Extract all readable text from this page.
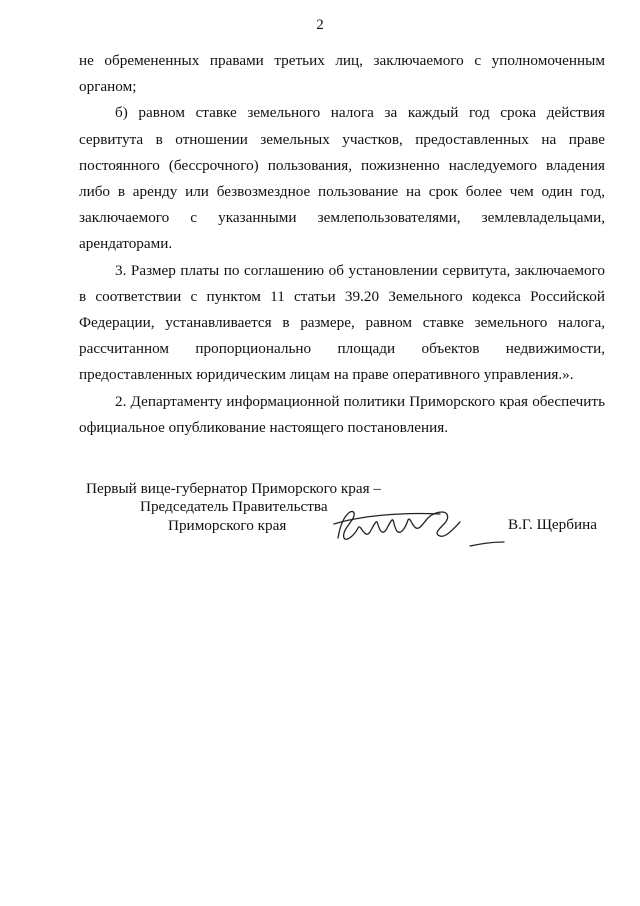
2

не обремененных правами третьих лиц, заключаемого с уполномоченным органом;

б) равном ставке земельного налога за каждый год срока действия сервитута в отношении земельных участков, предоставленных на праве постоянного (бессрочного) пользования, пожизненно наследуемого владения либо в аренду или безвозмездное пользование на срок более чем один год, заключаемого с указанными землепользователями, землевладельцами, арендаторами.

3. Размер платы по соглашению об установлении сервитута, заключаемого в соответствии с пунктом 11 статьи 39.20 Земельного кодекса Российской Федерации, устанавливается в размере, равном ставке земельного налога, рассчитанном пропорционально площади объектов недвижимости, предоставленных юридическим лицам на праве оперативного управления.».

2. Департаменту информационной политики Приморского края обеспечить официальное опубликование настоящего постановления.

Первый вице-губернатор Приморского края –
Председатель Правительства
Приморского края	В.Г. Щербина
